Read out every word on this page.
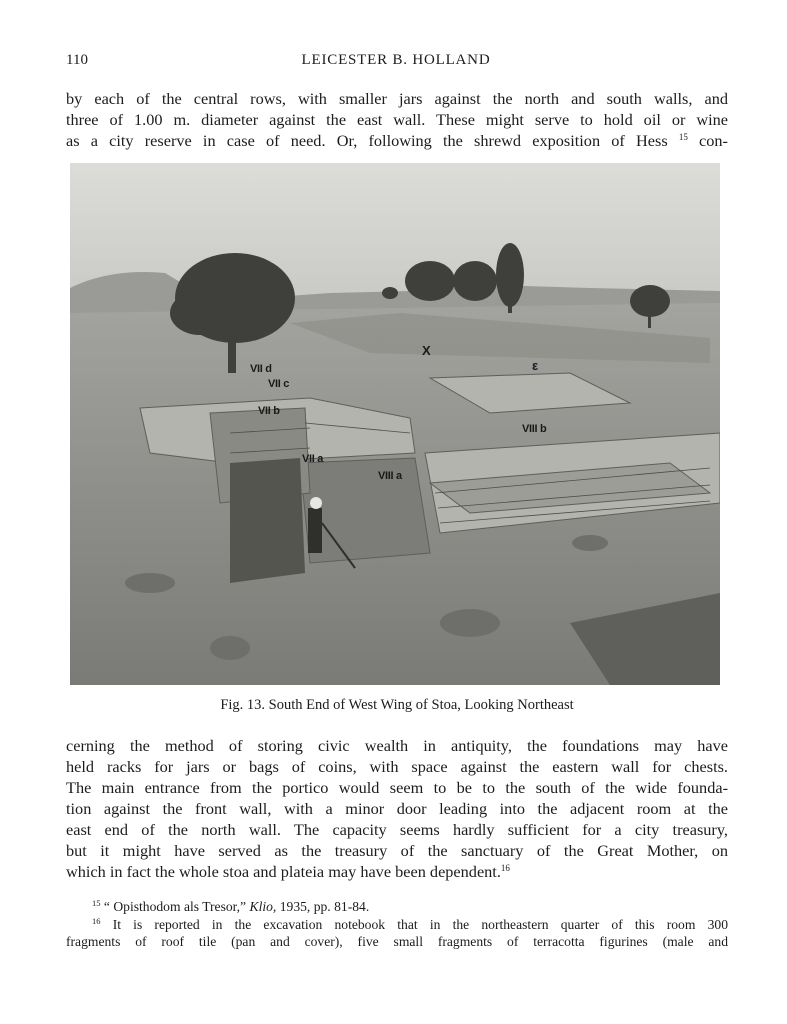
110	LEICESTER B. HOLLAND

by each of the central rows, with smaller jars against the north and south walls, and
three of 1.00 m. diameter against the east wall. These might serve to hold oil or wine
as a city reserve in case of need. Or, following the shrewd exposition of Hess $^{15}$ con-

VII d
VII c
VII b
VII a
VIII a
VIII b
X
ε
Fig. 13. South End of West Wing of Stoa, Looking Northeast

cerning the method of storing civic wealth in antiquity, the foundations may have
held racks for jars or bags of coins, with space against the eastern wall for chests.
The main entrance from the portico would seem to be to the south of the wide founda-
tion against the front wall, with a minor door leading into the adjacent room at the
east end of the north wall. The capacity seems hardly sufficient for a city treasury,
but it might have served as the treasury of the sanctuary of the Great Mother, on
which in fact the whole stoa and plateia may have been dependent.$^{16}$

$^{15}$ “ Opisthodom als Tresor,” Klio, 1935, pp. 81-84.
$^{16}$ It is reported in the excavation notebook that in the northeastern quarter of this room 300
fragments of roof tile (pan and cover), five small fragments of terracotta figurines (male and
